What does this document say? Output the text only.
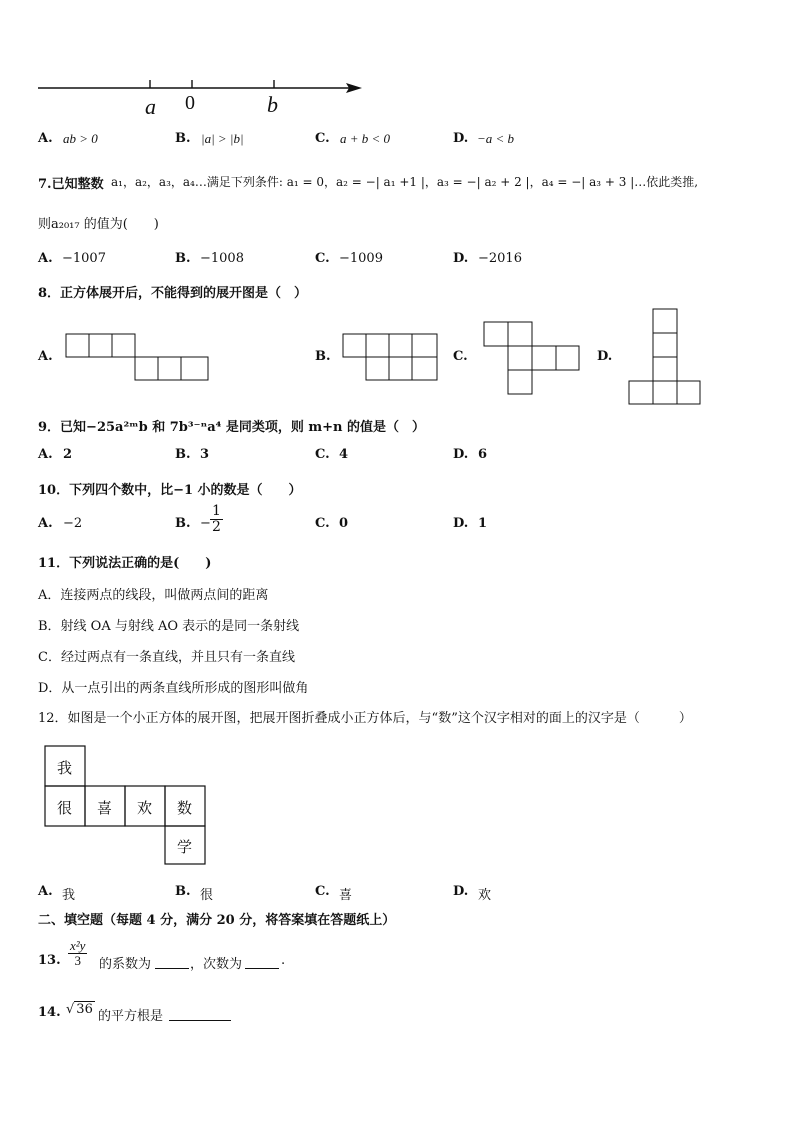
a 0	b
A. ab > 0	B. |a| > |b|	C. a + b < 0	D. −a < b
7.已知整数 a₁，a₂，a₃，a₄…满足下列条件: a₁ = 0，a₂ = −| a₁ +1 |，a₃ = −| a₂ + 2 |，a₄ = −| a₃ + 3 |…依此类推,
则a₂₀₁₇ 的值为(　　)
A. −1007	B. −1008	C. −1009	D. −2016
8．正方体展开后，不能得到的展开图是（　）
A.	B.	C.	D.
9．已知−25a²ᵐb 和 7b³⁻ⁿa⁴ 是同类项，则 m+n 的值是（　）
A. 2	B. 3	C. 4	D. 6
10．下列四个数中，比−1 小的数是（　　）
A. −2	B. − $\frac{1}{2}$	C. 0	D. 1
11．下列说法正确的是(　　)
A．连接两点的线段，叫做两点间的距离
B．射线 OA 与射线 AO 表示的是同一条射线
C．经过两点有一条直线，并且只有一条直线
D．从一点引出的两条直线所形成的图形叫做角
12．如图是一个小正方体的展开图，把展开图折叠成小正方体后，与“数”这个汉字相对的面上的汉字是（　　　）
我
很 喜 欢 数
学
A. 我	B. 很	C. 喜	D. 欢
二、填空题（每题 4 分，满分 20 分，将答案填在答题纸上）
13. $\frac{\text{x²y}}{3}$ 的系数为	，次数为	.
14. √ 36 的平方根是
